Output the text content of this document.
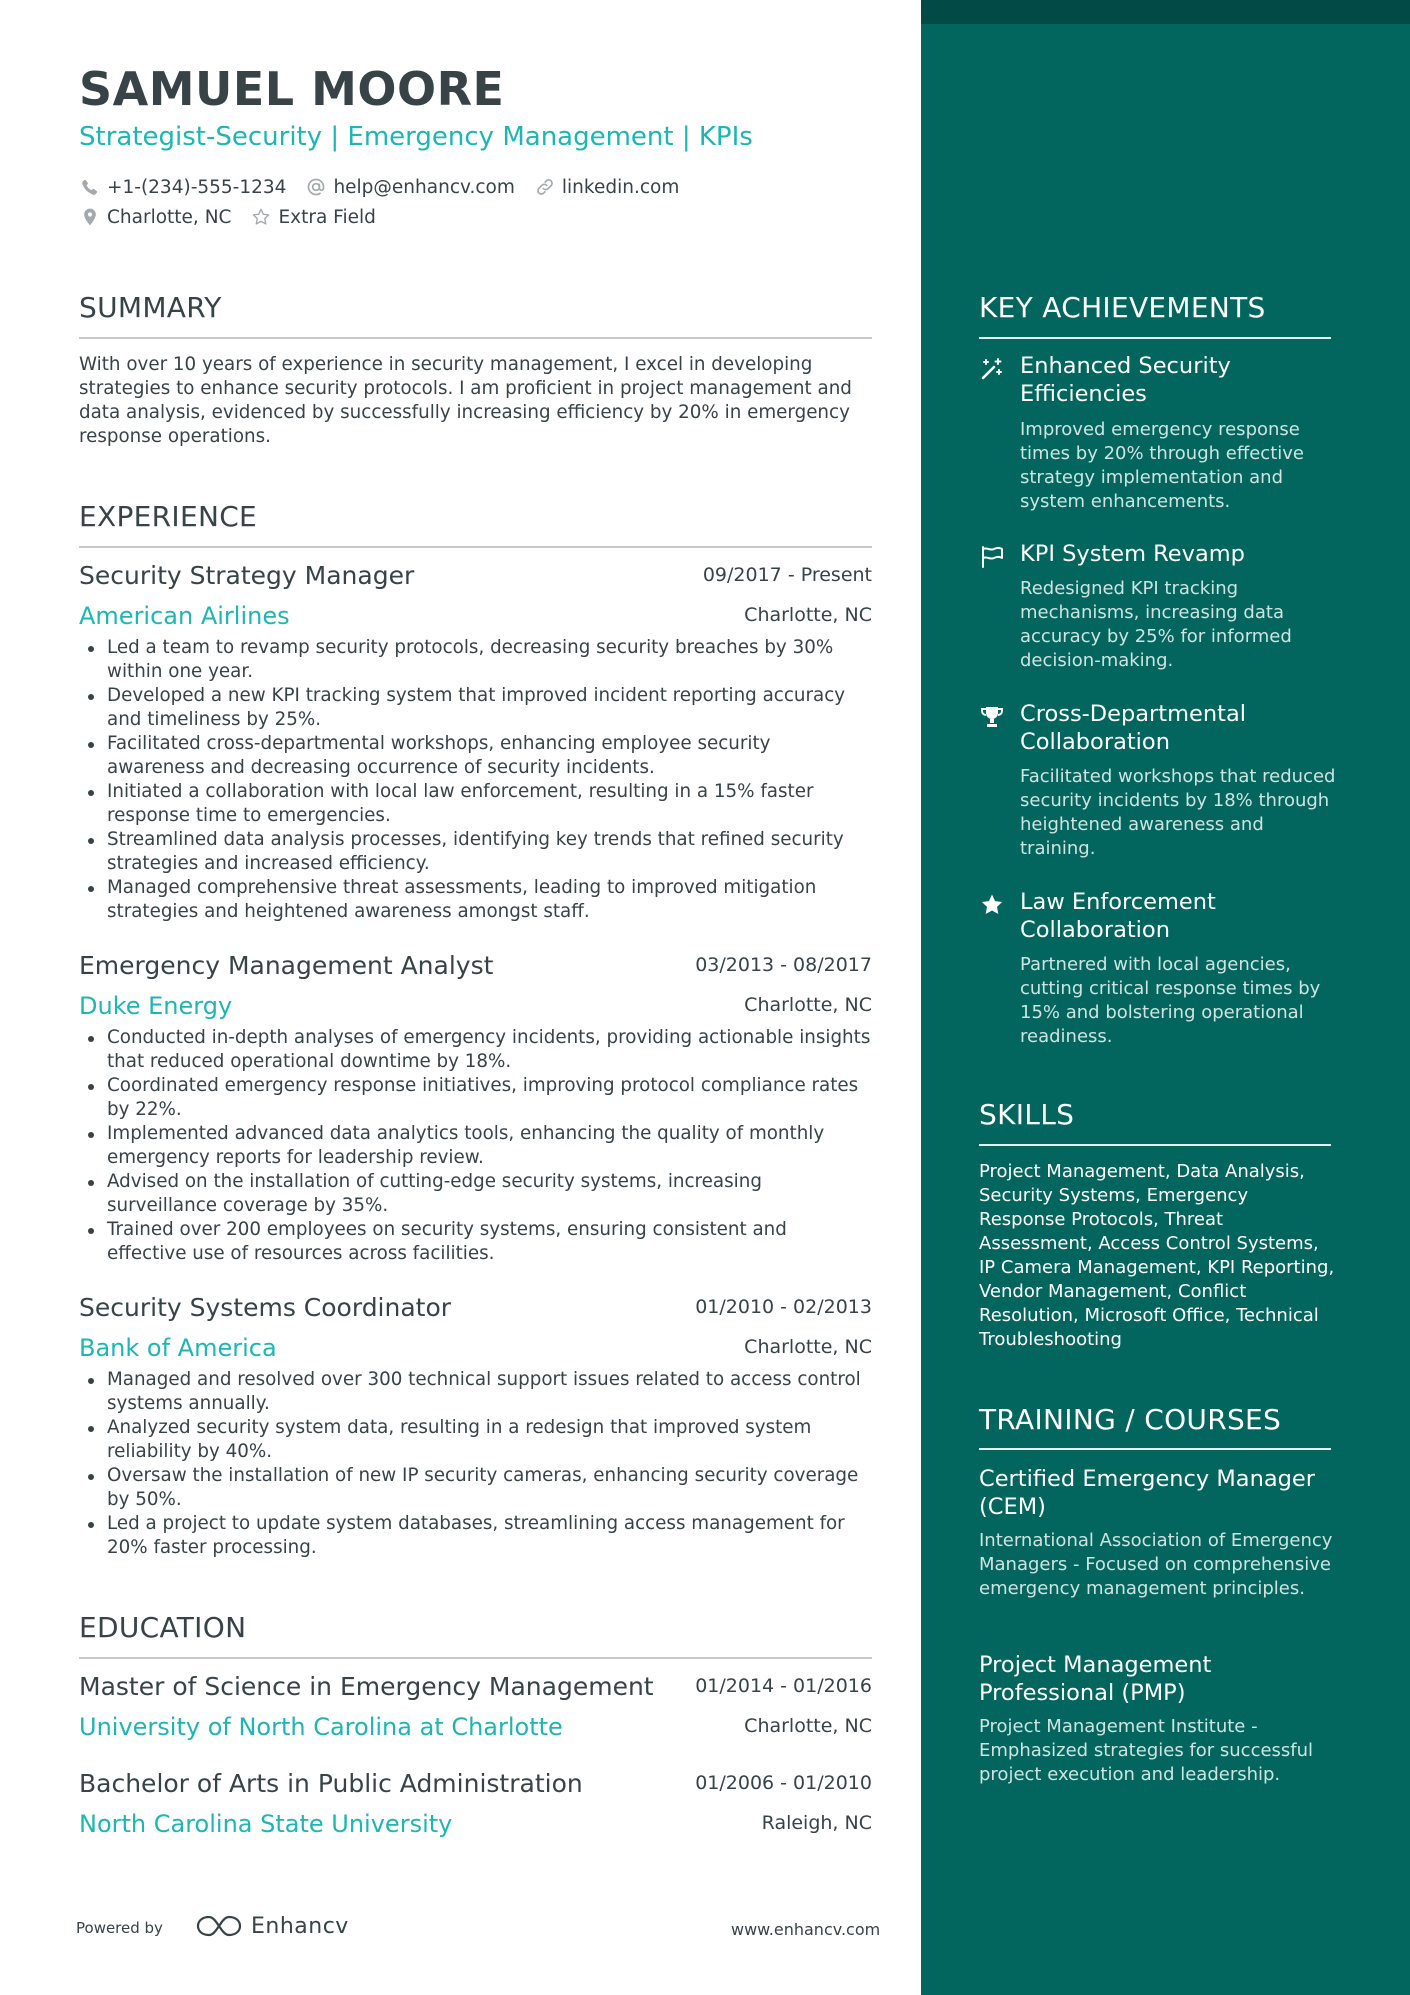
SAMUEL MOORE
Strategist-Security | Emergency Management | KPIs
+1-(234)-555-1234	help@enhancv.com	linkedin.com
Charlotte, NC	Extra Field
SUMMARY
With over 10 years of experience in security management, I excel in developing strategies to enhance security protocols. I am proficient in project management and data analysis, evidenced by successfully increasing efficiency by 20% in emergency response operations.
EXPERIENCE
Security Strategy Manager	09/2017 - Present
American Airlines	Charlotte, NC
Led a team to revamp security protocols, decreasing security breaches by 30% within one year.
Developed a new KPI tracking system that improved incident reporting accuracy and timeliness by 25%.
Facilitated cross-departmental workshops, enhancing employee security awareness and decreasing occurrence of security incidents.
Initiated a collaboration with local law enforcement, resulting in a 15% faster response time to emergencies.
Streamlined data analysis processes, identifying key trends that refined security strategies and increased efficiency.
Managed comprehensive threat assessments, leading to improved mitigation strategies and heightened awareness amongst staff.
Emergency Management Analyst	03/2013 - 08/2017
Duke Energy	Charlotte, NC
Conducted in-depth analyses of emergency incidents, providing actionable insights that reduced operational downtime by 18%.
Coordinated emergency response initiatives, improving protocol compliance rates by 22%.
Implemented advanced data analytics tools, enhancing the quality of monthly emergency reports for leadership review.
Advised on the installation of cutting-edge security systems, increasing surveillance coverage by 35%.
Trained over 200 employees on security systems, ensuring consistent and effective use of resources across facilities.
Security Systems Coordinator	01/2010 - 02/2013
Bank of America	Charlotte, NC
Managed and resolved over 300 technical support issues related to access control systems annually.
Analyzed security system data, resulting in a redesign that improved system reliability by 40%.
Oversaw the installation of new IP security cameras, enhancing security coverage by 50%.
Led a project to update system databases, streamlining access management for 20% faster processing.
EDUCATION
Master of Science in Emergency Management 01/2014 - 01/2016
University of North Carolina at Charlotte	Charlotte, NC
Bachelor of Arts in Public Administration	01/2006 - 01/2010
North Carolina State University	Raleigh, NC
Powered by	Enhancv	www.enhancv.com
KEY ACHIEVEMENTS
Enhanced Security Efficiencies
Improved emergency response times by 20% through effective strategy implementation and system enhancements.
KPI System Revamp
Redesigned KPI tracking mechanisms, increasing data accuracy by 25% for informed decision-making.
Cross-Departmental Collaboration
Facilitated workshops that reduced security incidents by 18% through heightened awareness and training.
Law Enforcement Collaboration
Partnered with local agencies, cutting critical response times by 15% and bolstering operational readiness.
SKILLS
Project Management, Data Analysis, Security Systems, Emergency Response Protocols, Threat Assessment, Access Control Systems, IP Camera Management, KPI Reporting, Vendor Management, Conflict Resolution, Microsoft Office, Technical Troubleshooting
TRAINING / COURSES
Certified Emergency Manager (CEM)
International Association of Emergency Managers - Focused on comprehensive emergency management principles.
Project Management Professional (PMP)
Project Management Institute - Emphasized strategies for successful project execution and leadership.
